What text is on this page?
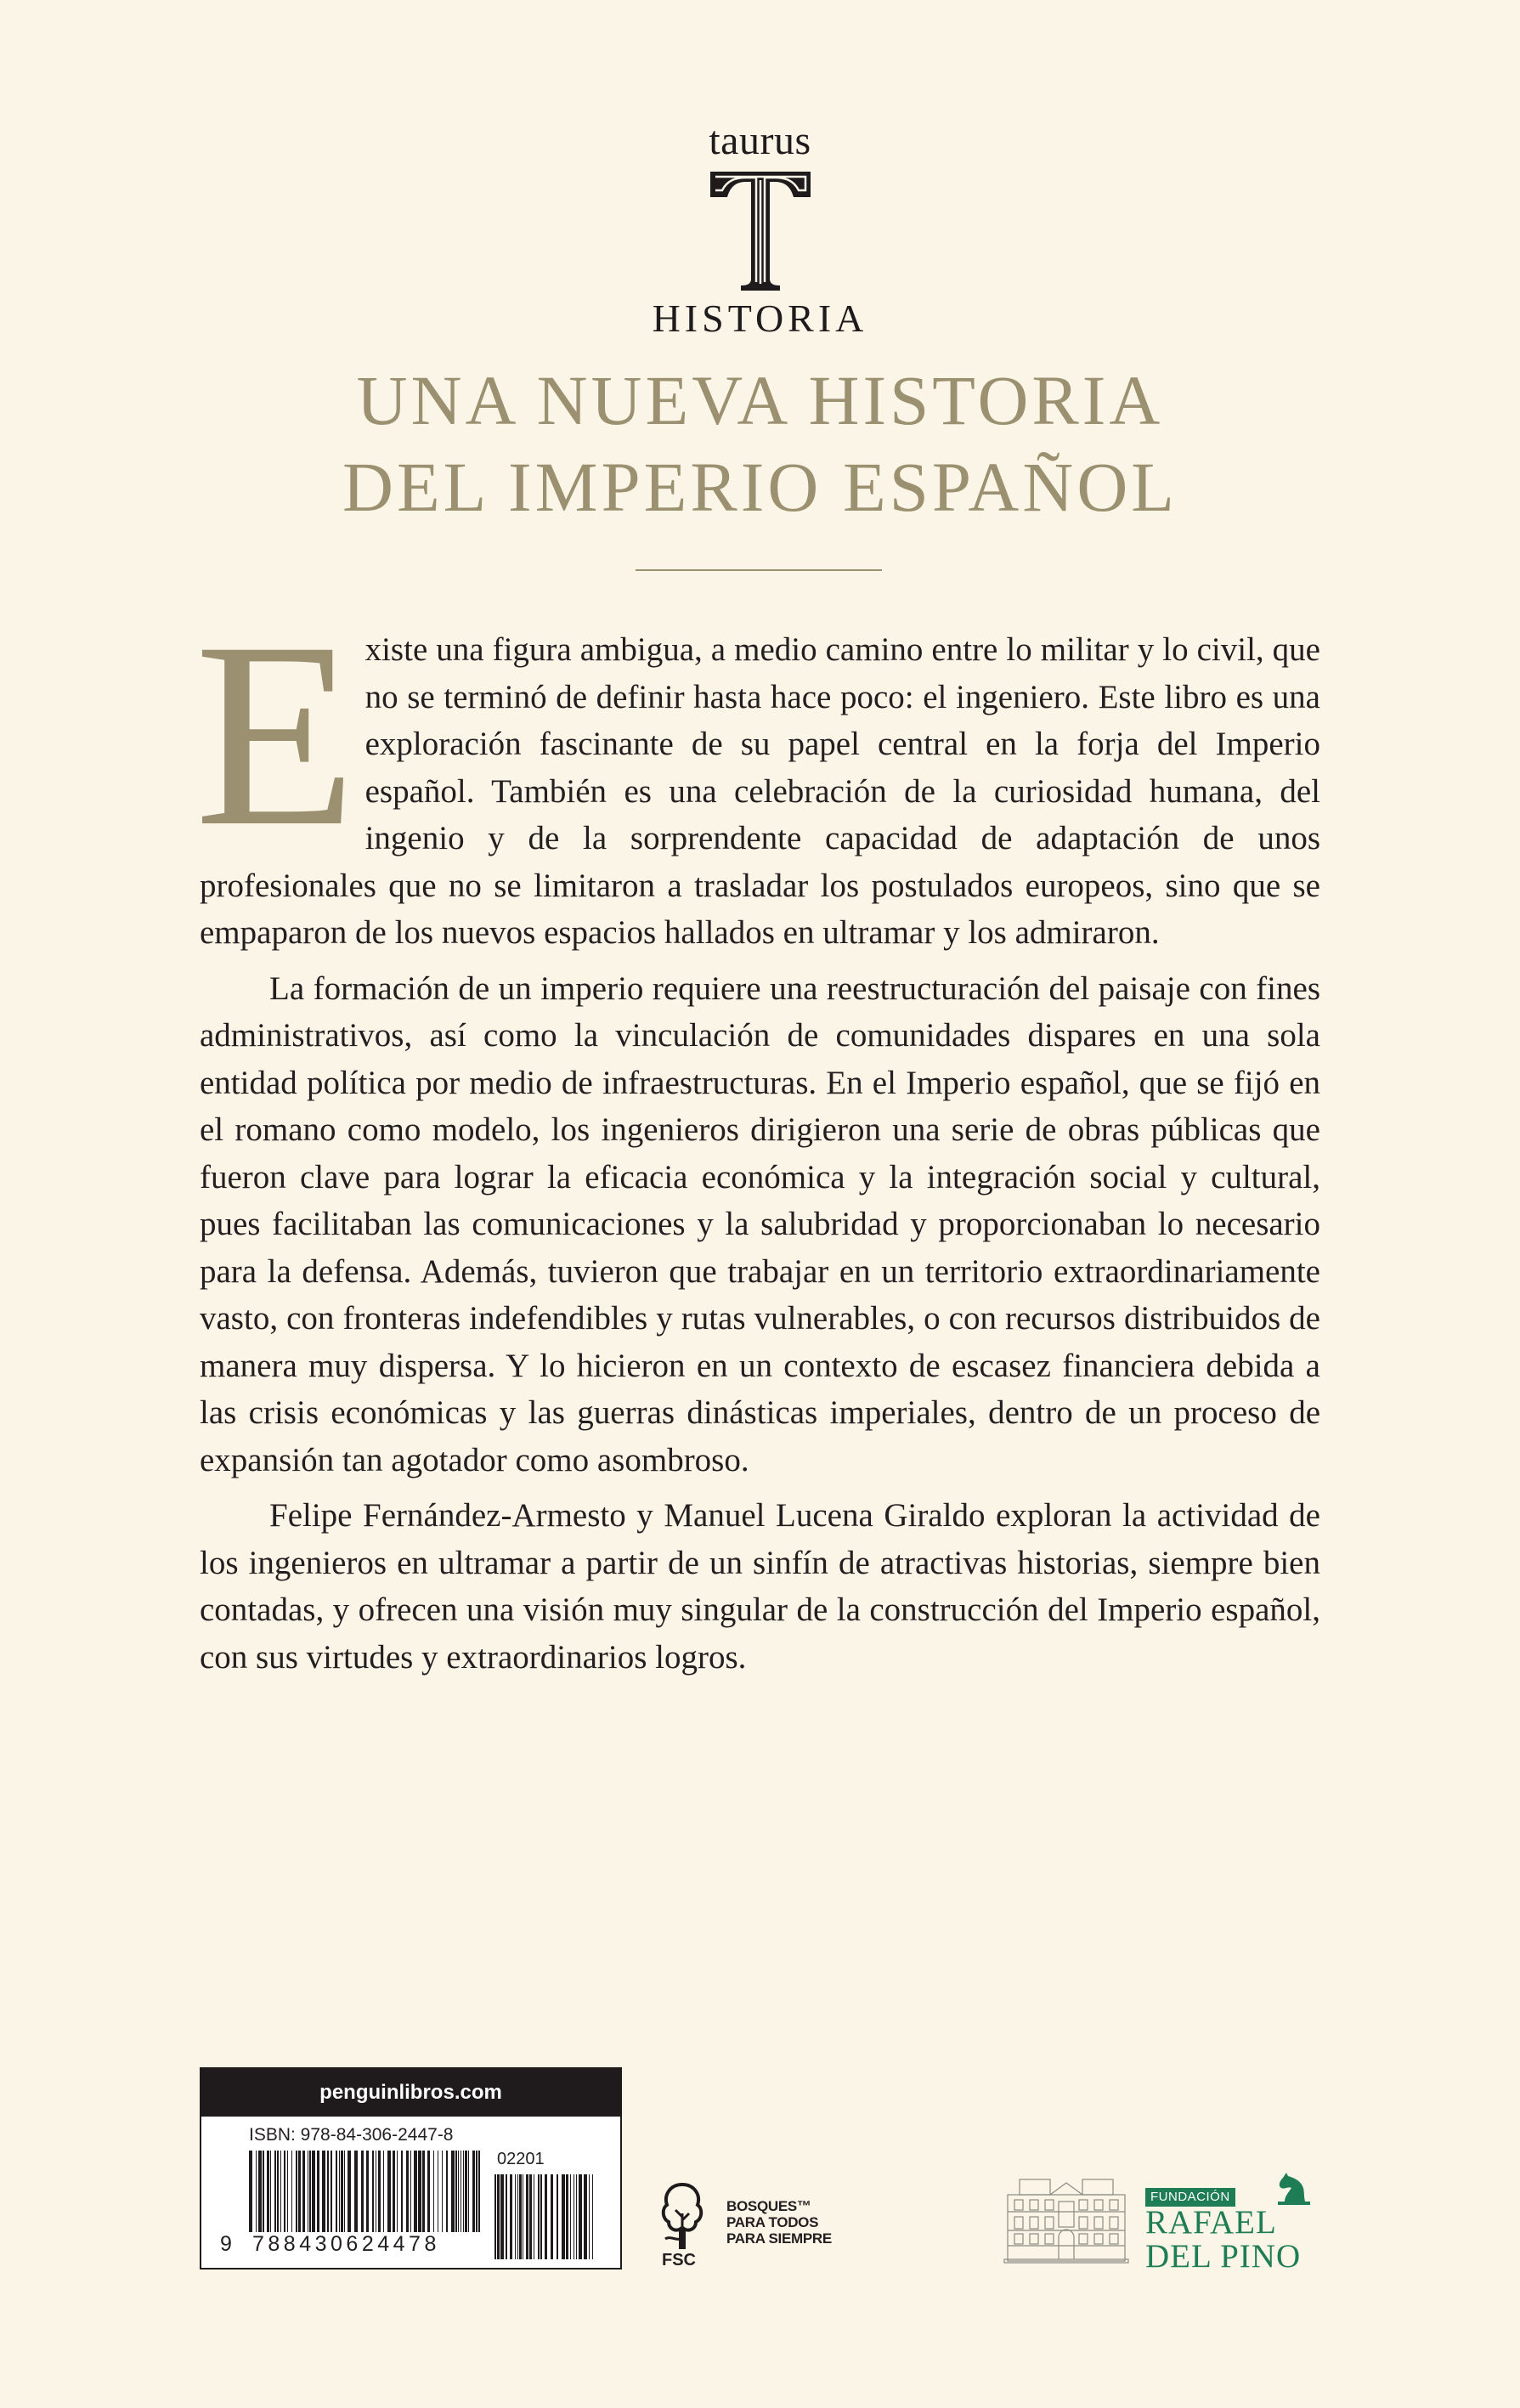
taurus
HISTORIA
UNA NUEVA HISTORIA
DEL IMPERIO ESPAÑOL

Existe una figura ambigua, a medio camino entre lo militar y lo civil, que no se terminó de definir hasta hace poco: el ingeniero. Este libro es una exploración fascinante de su papel central en la forja del Imperio español. También es una celebración de la curiosidad humana, del ingenio y de la sorprendente capacidad de adaptación de unos profesionales que no se limitaron a trasladar los postulados europeos, sino que se empaparon de los nuevos espacios hallados en ultramar y los admiraron.

La formación de un imperio requiere una reestructuración del paisaje con fines administrativos, así como la vinculación de comunidades dispares en una sola entidad política por medio de infraestructuras. En el Imperio español, que se fijó en el romano como modelo, los ingenieros dirigieron una serie de obras públicas que fueron clave para lograr la eficacia económica y la integración social y cultural, pues facilitaban las comunicaciones y la salubridad y proporcionaban lo necesario para la defensa. Además, tuvieron que trabajar en un territorio extraordinariamente vasto, con fronteras indefendibles y rutas vulnerables, o con recursos distribuidos de manera muy dispersa. Y lo hicieron en un contexto de escasez financiera debida a las crisis económicas y las guerras dinásticas imperiales, dentro de un proceso de expansión tan agotador como asombroso.

Felipe Fernández-Armesto y Manuel Lucena Giraldo exploran la actividad de los ingenieros en ultramar a partir de un sinfín de atractivas historias, siempre bien contadas, y ofrecen una visión muy singular de la construcción del Imperio español, con sus virtudes y extraordinarios logros.

penguinlibros.com
ISBN: 978-84-306-2447-8
02201
9 788430624478
FSC
BOSQUES™
PARA TODOS
PARA SIEMPRE
FUNDACIÓN
RAFAEL
DEL PINO
